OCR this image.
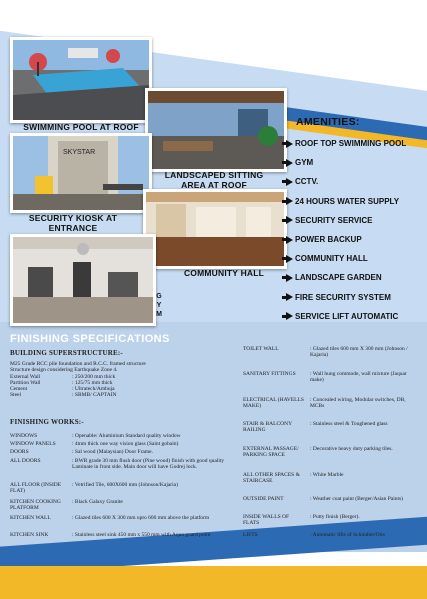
SWIMMING POOL AT ROOF
LANDSCAPED SITTING AREA AT ROOF
SKYSTAR
SECURITY KIOSK AT ENTRANCE
COMMUNITY HALL
G
Y
M
AMENITIES:
ROOF TOP SWIMMING POOL
GYM
CCTV.
24 HOURS WATER SUPPLY
SECURITY SERVICE
POWER BACKUP
COMMUNITY HALL
LANDSCAPE GARDEN
FIRE SECURITY SYSTEM
SERVICE LIFT AUTOMATIC
FINISHING SPECIFICATIONS
BUILDING SUPERSTRUCTURE:-
M25 Grade RCC pile foundation and R.C.C. framed structure
Structure design considering Earthquake Zone 4.
External Wall	: 250/200 mm thick
Partition Wall	: 125/75 mm thick
Cement	: Ultratech/Ambuja
Steel	: SRMB/ CAPTAIN
FINISHING WORKS:-
WINDOWS	: Openable/ Aluminium Standard quality window
WINDOW PANELS	: 4mm thick one way vision glass (Saint gobain)
DOORS	: Sal wood (Malaysian) Door Frame.
ALL DOORS	: BWR grade 30 mm flush door (Pine wood) finish with good quality Laminate in front side. Main door will have Godrej lock.
ALL FLOOR (INSIDE FLAT)
: Vetrified Tile, 600X600 mm (Johnson/Kajaria)
KITCHEN COOKING PLATFORM
: Black Galaxy Granite
KITCHEN WALL	: Glazed tiles 600 X 300 mm upto 600 mm above the platform
KITCHEN SINK	: Stainless steel sink 450 mm x 550 mm with Aqua guard point
TOILET WALL	: Glazed tiles 600 mm X 300 mm (Johnson / Kajaria)
SANITARY FITTINGS	: Wall hung commode, wall mixture (Jaquar make)
ELECTRICAL (HAVELLS MAKE)
: Concealed wiring, Modular switches, DB, MCBs
STAIR & BALCONY RAILING
: Stainless steel & Toughened glass
EXTERNAL PASSAGE/ PARKING SPACE
: Decorative heavy duty parking tiles.
ALL OTHER SPACES & STAIRCASE
: White Marble
OUTSIDE PAINT	: Weather coat paint (Berger/Asian Paints)
INSIDE WALLS OF FLATS
: Putty finish (Berger).
LIFTS	: Automatic lifts of Schindler/Otis
